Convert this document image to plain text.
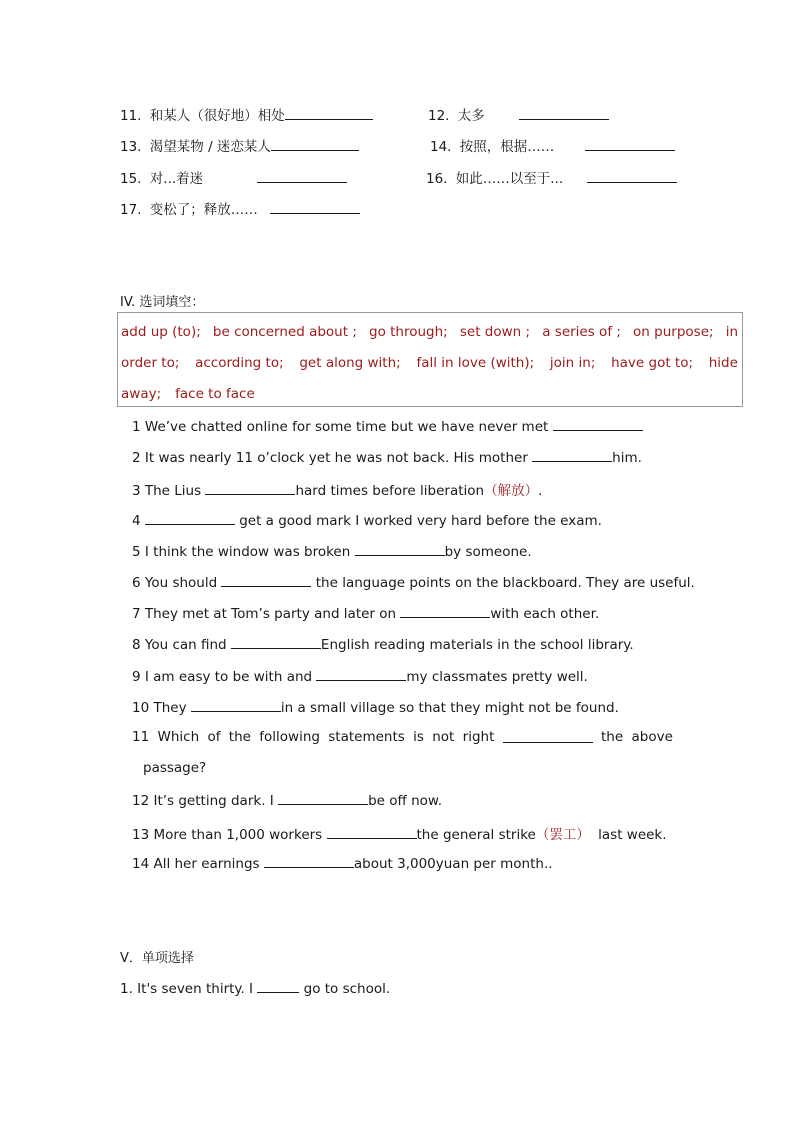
11. 和某人（很好地）相处	12. 太多
13. 渴望某物 / 迷恋某人	14. 按照，根据……
15. 对...着迷	16. 如此……以至于...
17. 变松了；释放……
IV. 选词填空：
add up (to); be concerned about ; go through; set down ; a series of ; on purpose; in
order to; according to; get along with; fall in love (with); join in; have got to; hide
away; face to face
1 We’ve chatted online for some time but we have never met
2 It was nearly 11 o’clock yet he was not back. His mother	him.
3 The Lius	hard times before liberation（解放）.
4	get a good mark I worked very hard before the exam.
5 I think the window was broken	by someone.
6 You should	the language points on the blackboard. They are useful.
7 They met at Tom’s party and later on	with each other.
8 You can find	English reading materials in the school library.
9 I am easy to be with and	my classmates pretty well.
10 They	in a small village so that they might not be found.
11 Which of the following statements is not right	the above
passage?
12 It’s getting dark. I	be off now.
13 More than 1,000 workers	the general strike（罢工） last week.
14 All her earnings	about 3,000yuan per month..
V．单项选择
1. It's seven thirty. I	go to school.
